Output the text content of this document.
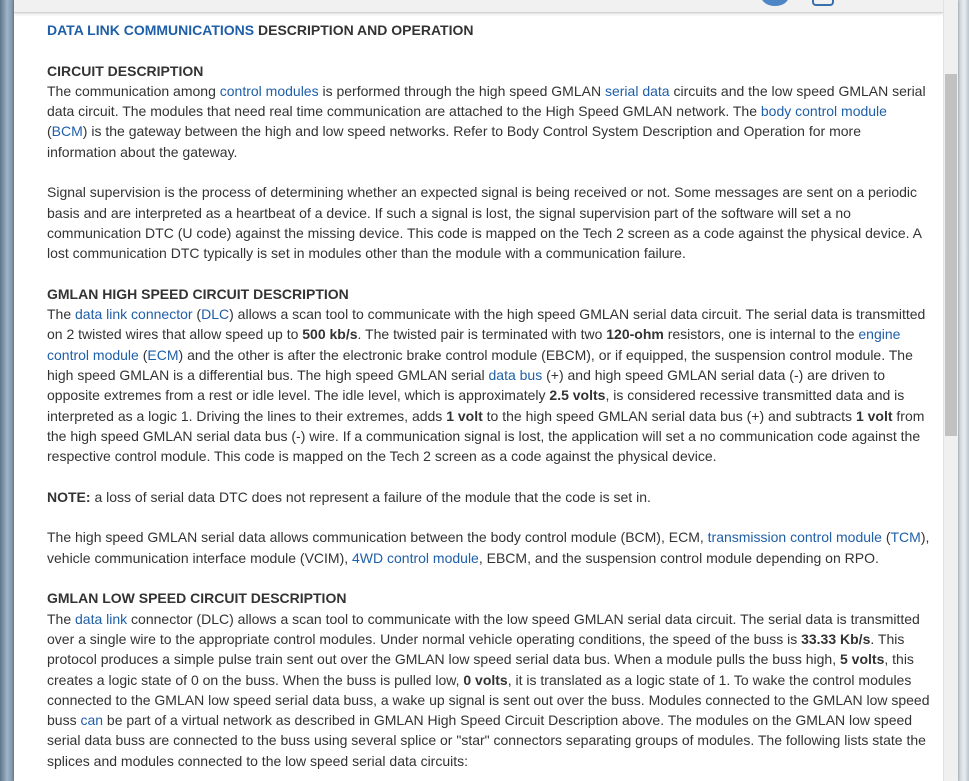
DATA LINK COMMUNICATIONS DESCRIPTION AND OPERATION

CIRCUIT DESCRIPTION

The communication among control modules is performed through the high speed GMLAN serial data circuits and the low speed GMLAN serial data circuit. The modules that need real time communication are attached to the High Speed GMLAN network. The body control module (BCM) is the gateway between the high and low speed networks. Refer to Body Control System Description and Operation for more information about the gateway.

Signal supervision is the process of determining whether an expected signal is being received or not. Some messages are sent on a periodic basis and are interpreted as a heartbeat of a device. If such a signal is lost, the signal supervision part of the software will set a no communication DTC (U code) against the missing device. This code is mapped on the Tech 2 screen as a code against the physical device. A lost communication DTC typically is set in modules other than the module with a communication failure.

GMLAN HIGH SPEED CIRCUIT DESCRIPTION

The data link connector (DLC) allows a scan tool to communicate with the high speed GMLAN serial data circuit. The serial data is transmitted on 2 twisted wires that allow speed up to 500 kb/s. The twisted pair is terminated with two 120-ohm resistors, one is internal to the engine control module (ECM) and the other is after the electronic brake control module (EBCM), or if equipped, the suspension control module. The high speed GMLAN is a differential bus. The high speed GMLAN serial data bus (+) and high speed GMLAN serial data (-) are driven to opposite extremes from a rest or idle level. The idle level, which is approximately 2.5 volts, is considered recessive transmitted data and is interpreted as a logic 1. Driving the lines to their extremes, adds 1 volt to the high speed GMLAN serial data bus (+) and subtracts 1 volt from the high speed GMLAN serial data bus (-) wire. If a communication signal is lost, the application will set a no communication code against the respective control module. This code is mapped on the Tech 2 screen as a code against the physical device.

NOTE: a loss of serial data DTC does not represent a failure of the module that the code is set in.

The high speed GMLAN serial data allows communication between the body control module (BCM), ECM, transmission control module (TCM), vehicle communication interface module (VCIM), 4WD control module, EBCM, and the suspension control module depending on RPO.

GMLAN LOW SPEED CIRCUIT DESCRIPTION

The data link connector (DLC) allows a scan tool to communicate with the low speed GMLAN serial data circuit. The serial data is transmitted over a single wire to the appropriate control modules. Under normal vehicle operating conditions, the speed of the buss is 33.33 Kb/s. This protocol produces a simple pulse train sent out over the GMLAN low speed serial data bus. When a module pulls the buss high, 5 volts, this creates a logic state of 0 on the buss. When the buss is pulled low, 0 volts, it is translated as a logic state of 1. To wake the control modules connected to the GMLAN low speed serial data buss, a wake up signal is sent out over the buss. Modules connected to the GMLAN low speed buss can be part of a virtual network as described in GMLAN High Speed Circuit Description above. The modules on the GMLAN low speed serial data buss are connected to the buss using several splice or "star" connectors separating groups of modules. The following lists state the splices and modules connected to the low speed serial data circuits:
